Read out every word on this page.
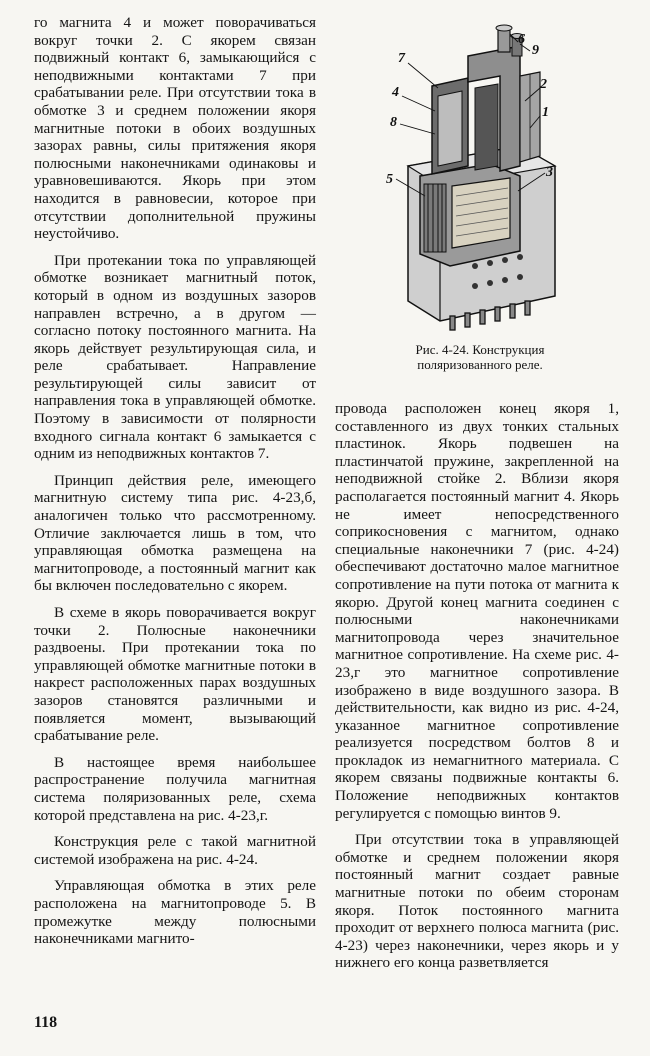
го магнита 4 и может поворачиваться вокруг точки 2. С якорем связан подвижный контакт 6, замыкающийся с неподвижными контактами 7 при срабатывании реле. При отсутствии тока в обмотке 3 и среднем положении якоря магнитные потоки в обоих воздушных зазорах равны, силы притяжения якоря полюсными наконечниками одинаковы и уравновешиваются. Якорь при этом находится в равновесии, которое при отсутствии дополнительной пружины неустойчиво.

При протекании тока по управляющей обмотке возникает магнитный поток, который в одном из воздушных зазоров направлен встречно, а в другом — согласно потоку постоянного магнита. На якорь действует результирующая сила, и реле срабатывает. Направление результирующей силы зависит от направления тока в управляющей обмотке. Поэтому в зависимости от полярности входного сигнала контакт 6 замыкается с одним из неподвижных контактов 7.

Принцип действия реле, имеющего магнитную систему типа рис. 4-23,б, аналогичен только что рассмотренному. Отличие заключается лишь в том, что управляющая обмотка размещена на магнитопроводе, а постоянный магнит как бы включен последовательно с якорем.

В схеме в якорь поворачивается вокруг точки 2. Полюсные наконечники раздвоены. При протекании тока по управляющей обмотке магнитные потоки в накрест расположенных парах воздушных зазоров становятся различными и появляется момент, вызывающий срабатывание реле.

В настоящее время наибольшее распространение получила магнитная система поляризованных реле, схема которой представлена на рис. 4-23,г.

Конструкция реле с такой магнитной системой изображена на рис. 4-24.

Управляющая обмотка в этих реле расположена на магнитопроводе 5. В промежутке между полюсными наконечниками магнито-

7
4
8
5
6
9
2
1
3
Рис. 4-24. Конструкция
поляризованного реле.

провода расположен конец якоря 1, составленного из двух тонких стальных пластинок. Якорь подвешен на пластинчатой пружине, закрепленной на неподвижной стойке 2. Вблизи якоря располагается постоянный магнит 4. Якорь не имеет непосредственного соприкосновения с магнитом, однако специальные наконечники 7 (рис. 4-24) обеспечивают достаточно малое магнитное сопротивление на пути потока от магнита к якорю. Другой конец магнита соединен с полюсными наконечниками магнитопровода через значительное магнитное сопротивление. На схеме рис. 4-23,г это магнитное сопротивление изображено в виде воздушного зазора. В действительности, как видно из рис. 4-24, указанное магнитное сопротивление реализуется посредством болтов 8 и прокладок из немагнитного материала. С якорем связаны подвижные контакты 6. Положение неподвижных контактов регулируется с помощью винтов 9.

При отсутствии тока в управляющей обмотке и среднем положении якоря постоянный магнит создает равные магнитные потоки по обеим сторонам якоря. Поток постоянного магнита проходит от верхнего полюса магнита (рис. 4-23) через наконечники, через якорь и у нижнего его конца разветвляется

118
